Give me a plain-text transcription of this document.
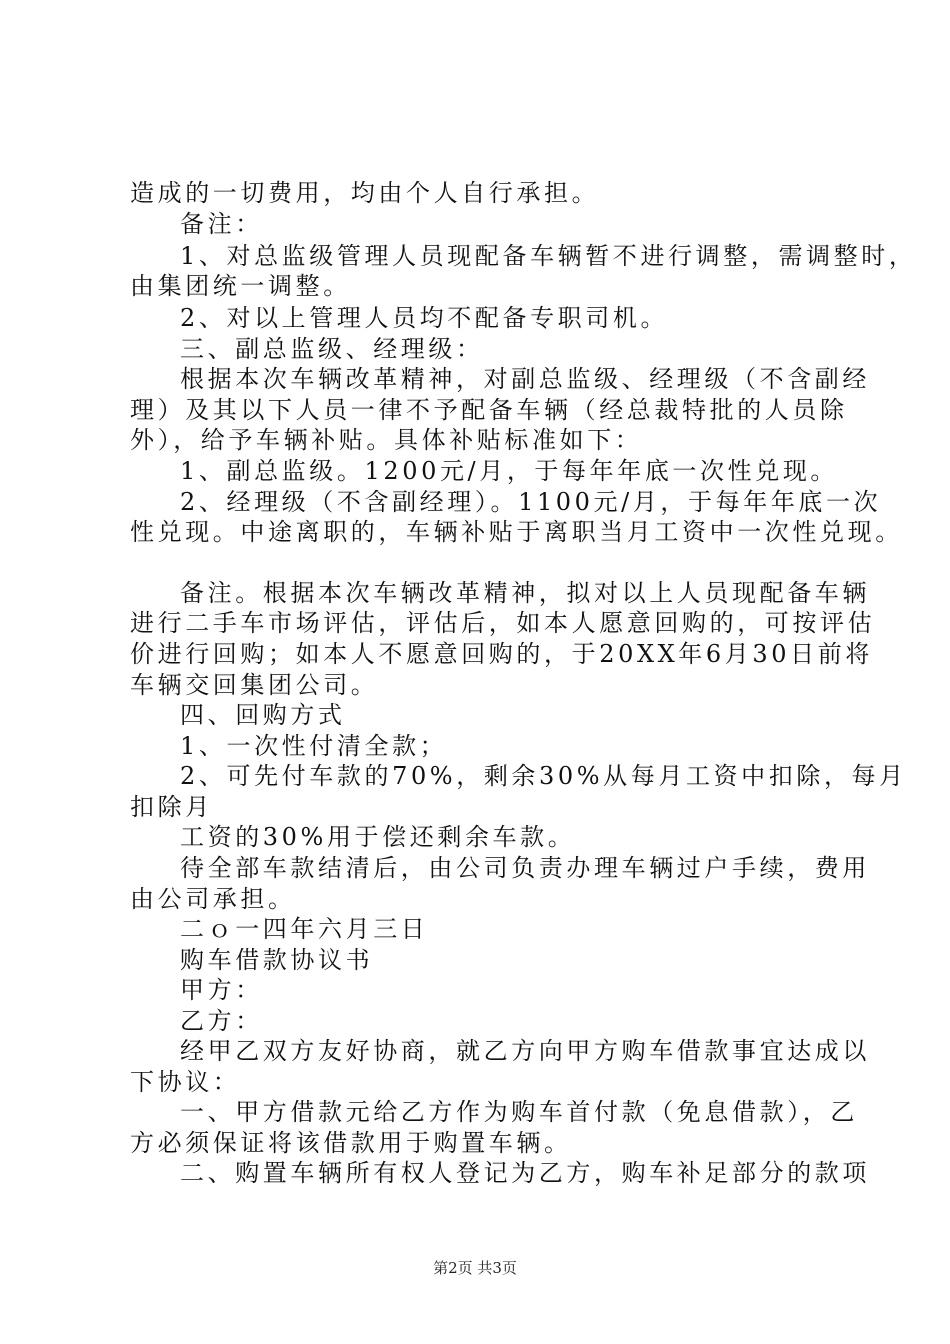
造成的一切费用，均由个人自行承担。
备注：
1、对总监级管理人员现配备车辆暂不进行调整，需调整时，
由集团统一调整。
2、对以上管理人员均不配备专职司机。
三、副总监级、经理级：
根据本次车辆改革精神，对副总监级、经理级（不含副经
理）及其以下人员一律不予配备车辆（经总裁特批的人员除
外），给予车辆补贴。具体补贴标准如下：
1、副总监级。1200元/月，于每年年底一次性兑现。
2、经理级（不含副经理）。1100元/月，于每年年底一次
性兑现。中途离职的，车辆补贴于离职当月工资中一次性兑现。
备注。根据本次车辆改革精神，拟对以上人员现配备车辆
进行二手车市场评估，评估后，如本人愿意回购的，可按评估
价进行回购；如本人不愿意回购的，于20XX年6月30日前将
车辆交回集团公司。
四、回购方式
1、一次性付清全款；
2、可先付车款的70%，剩余30%从每月工资中扣除，每月
扣除月
工资的30%用于偿还剩余车款。
待全部车款结清后，由公司负责办理车辆过户手续，费用
由公司承担。
二ｏ一四年六月三日
购车借款协议书
甲方：
乙方：
经甲乙双方友好协商，就乙方向甲方购车借款事宜达成以
下协议：
一、甲方借款元给乙方作为购车首付款（免息借款），乙
方必须保证将该借款用于购置车辆。
二、购置车辆所有权人登记为乙方，购车补足部分的款项
第2页 共3页
